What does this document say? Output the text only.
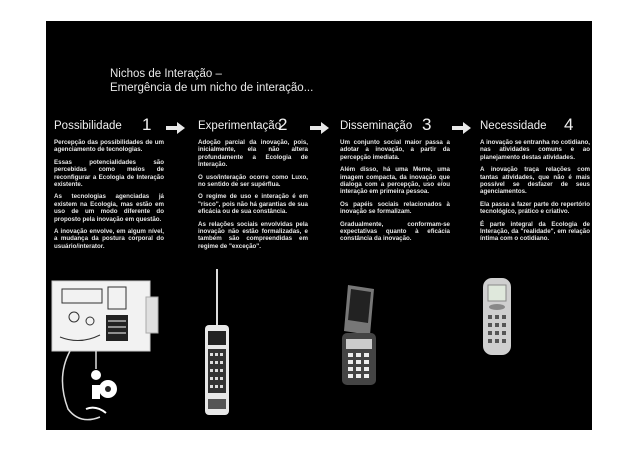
Nichos de Interação –
Emergência de um nicho de interação...
Possibilidade 1

Percepção das possibilidades de um agenciamento de tecnologias.

Essas potencialidades são percebidas como meios de reconfigurar a Ecologia de Interação existente.

As tecnologias agenciadas já existem na Ecologia, mas estão em uso de um modo diferente do proposto pela inovação em questão.

A inovação envolve, em algum nível, a mudança da postura corporal do usuário/interator.

Experimentação
2

Adoção parcial da inovação, pois, inicialmente, ela não altera profundamente a Ecologia de Interação.

O uso/interação ocorre como Luxo, no sentido de ser supérflua.

O regime de uso e interação é em "risco", pois não há garantias de sua eficácia ou de sua constância.

As relações sociais envolvidas pela inovação não estão formalizadas, e também são compreendidas em regime de "exceção".

Disseminação 3

Um conjunto social maior passa a adotar a inovação, a partir da percepção imediata.

Além disso, há uma Meme, uma imagem compacta, da inovação que dialoga com a percepção, uso e/ou interação em primeira pessoa.

Os papéis sociais relacionados à inovação se formalizam.

Gradualmente, conformam-se expectativas quanto à eficácia constância da inovação.

Necessidade 4

A inovação se entranha no cotidiano, nas atividades comuns e ao planejamento destas atividades.

A inovação traça relações com tantas atividades, que não é mais possível se desfazer de seus agenciamentos.

Ela passa a fazer parte do repertório tecnológico, prático e criativo.

É parte integral da Ecologia de Interação, da "realidade", em relação íntima com o cotidiano.
